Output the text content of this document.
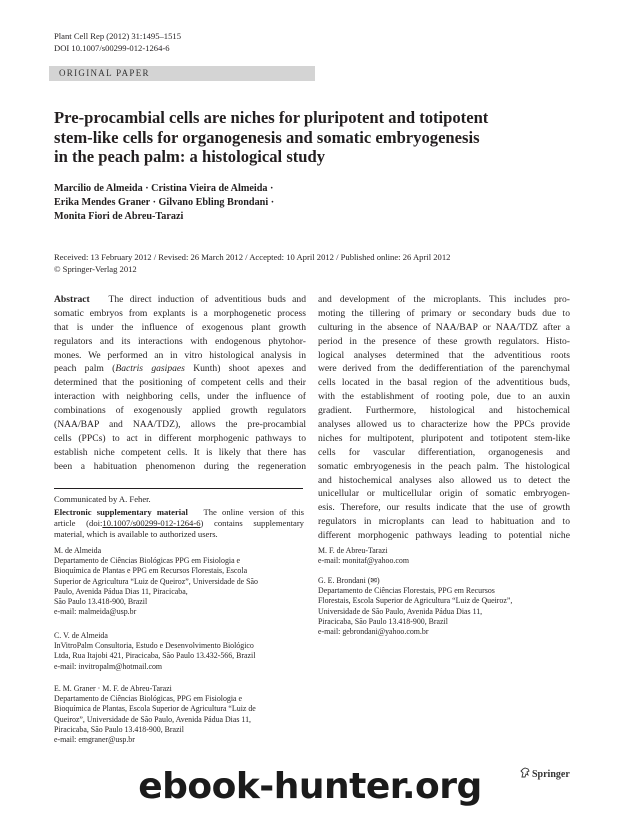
Plant Cell Rep (2012) 31:1495–1515
DOI 10.1007/s00299-012-1264-6
ORIGINAL PAPER
Pre-procambial cells are niches for pluripotent and totipotent
stem-like cells for organogenesis and somatic embryogenesis
in the peach palm: a histological study
Marcilio de Almeida · Cristina Vieira de Almeida ·
Erika Mendes Graner · Gilvano Ebling Brondani ·
Monita Fiori de Abreu-Tarazi
Received: 13 February 2012 / Revised: 26 March 2012 / Accepted: 10 April 2012 / Published online: 26 April 2012
© Springer-Verlag 2012
Abstract The direct induction of adventitious buds and
somatic embryos from explants is a morphogenetic process
that is under the influence of exogenous plant growth
regulators and its interactions with endogenous phytohor-
mones. We performed an in vitro histological analysis in
peach palm (Bactris gasipaes Kunth) shoot apexes and
determined that the positioning of competent cells and their
interaction with neighboring cells, under the influence of
combinations of exogenously applied growth regulators
(NAA/BAP and NAA/TDZ), allows the pre-procambial
cells (PPCs) to act in different morphogenic pathways to
establish niche competent cells. It is likely that there has
been a habituation phenomenon during the regeneration
and development of the microplants. This includes pro-
moting the tillering of primary or secondary buds due to
culturing in the absence of NAA/BAP or NAA/TDZ after a
period in the presence of these growth regulators. Histo-
logical analyses determined that the adventitious roots
were derived from the dedifferentiation of the parenchymal
cells located in the basal region of the adventitious buds,
with the establishment of rooting pole, due to an auxin
gradient. Furthermore, histological and histochemical
analyses allowed us to characterize how the PPCs provide
niches for multipotent, pluripotent and totipotent stem-like
cells for vascular differentiation, organogenesis and
somatic embryogenesis in the peach palm. The histological
and histochemical analyses also allowed us to detect the
unicellular or multicellular origin of somatic embryogen-
esis. Therefore, our results indicate that the use of growth
regulators in microplants can lead to habituation and to
different morphogenic pathways leading to potential niche
Communicated by A. Feher.
Electronic supplementary material The online version of this
article (doi:10.1007/s00299-012-1264-6) contains supplementary
material, which is available to authorized users.
M. de Almeida
Departamento de Ciências Biológicas PPG em Fisiologia e
Bioquímica de Plantas e PPG em Recursos Florestais, Escola
Superior de Agricultura “Luiz de Queiroz”, Universidade de São
Paulo, Avenida Pádua Dias 11, Piracicaba,
São Paulo 13.418-900, Brazil
e-mail: malmeida@usp.br
C. V. de Almeida
InVitroPalm Consultoria, Estudo e Desenvolvimento Biológico
Ltda, Rua Itajobi 421, Piracicaba, São Paulo 13.432-566, Brazil
e-mail: invitropalm@hotmail.com
E. M. Graner · M. F. de Abreu-Tarazi
Departamento de Ciências Biológicas, PPG em Fisiologia e
Bioquímica de Plantas, Escola Superior de Agricultura “Luiz de
Queiroz”, Universidade de São Paulo, Avenida Pádua Dias 11,
Piracicaba, São Paulo 13.418-900, Brazil
e-mail: emgraner@usp.br
M. F. de Abreu-Tarazi
e-mail: monitaf@yahoo.com
G. E. Brondani (✉)
Departamento de Ciências Florestais, PPG em Recursos
Florestais, Escola Superior de Agricultura “Luiz de Queiroz”,
Universidade de São Paulo, Avenida Pádua Dias 11,
Piracicaba, São Paulo 13.418-900, Brazil
e-mail: gebrondani@yahoo.com.br
Springer
ebook-hunter.org
